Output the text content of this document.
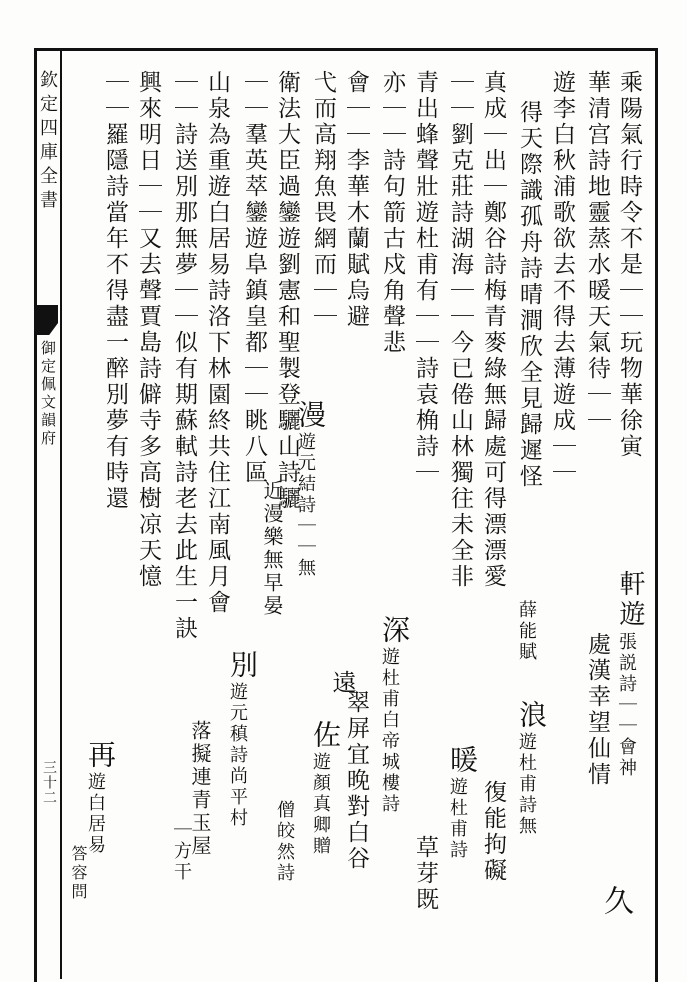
欽定四庫全書
御定佩文韻府
三十二
乘陽氣行時令不是｜｜玩物華徐寅
華清宫詩地靈蒸水暖天氣待｜｜
遊李白秋浦歌欲去不得去薄遊成｜｜
得天際識孤舟詩晴澗欣全見歸遲怪
真成｜出｜鄭谷詩梅青麥綠無歸處可得漂漂愛
｜｜劉克莊詩湖海｜｜今已倦山林獨往未全非
青出蜂聲壯遊杜甫有｜｜詩袁桷詩｜
亦｜｜詩句箭古戍角聲悲
會｜｜李華木蘭賦烏避
弋而高翔魚畏網而｜｜
衛法大臣過鑾遊劉憲和聖製登驪山詩驪
｜｜羣英萃鑾遊阜鎮皇都｜｜眺八區
山泉為重遊白居易詩洛下林園終共住江南風月會
｜｜詩送別那無夢｜｜似有期蘇軾詩老去此生一訣
興來明日｜｜又去聲賈島詩僻寺多高樹凉天憶
｜｜羅隱詩當年不得盡一醉別夢有時還
軒
遊
張説詩｜｜會神
處漢幸望仙情
久
薛能賦
浪
遊杜甫詩無
復能拘礙
暖
遊杜甫詩
草芽既
深
遊杜甫白帝城樓詩
翠屏宜晚對白谷
佐
遊顏真卿贈
僧皎然詩
漫
遊元結詩｜｜無
近漫樂無早晏
遠
別
遊元稹詩尚平村
落擬連青玉屋
｜方干
再
遊白居易
答容問
